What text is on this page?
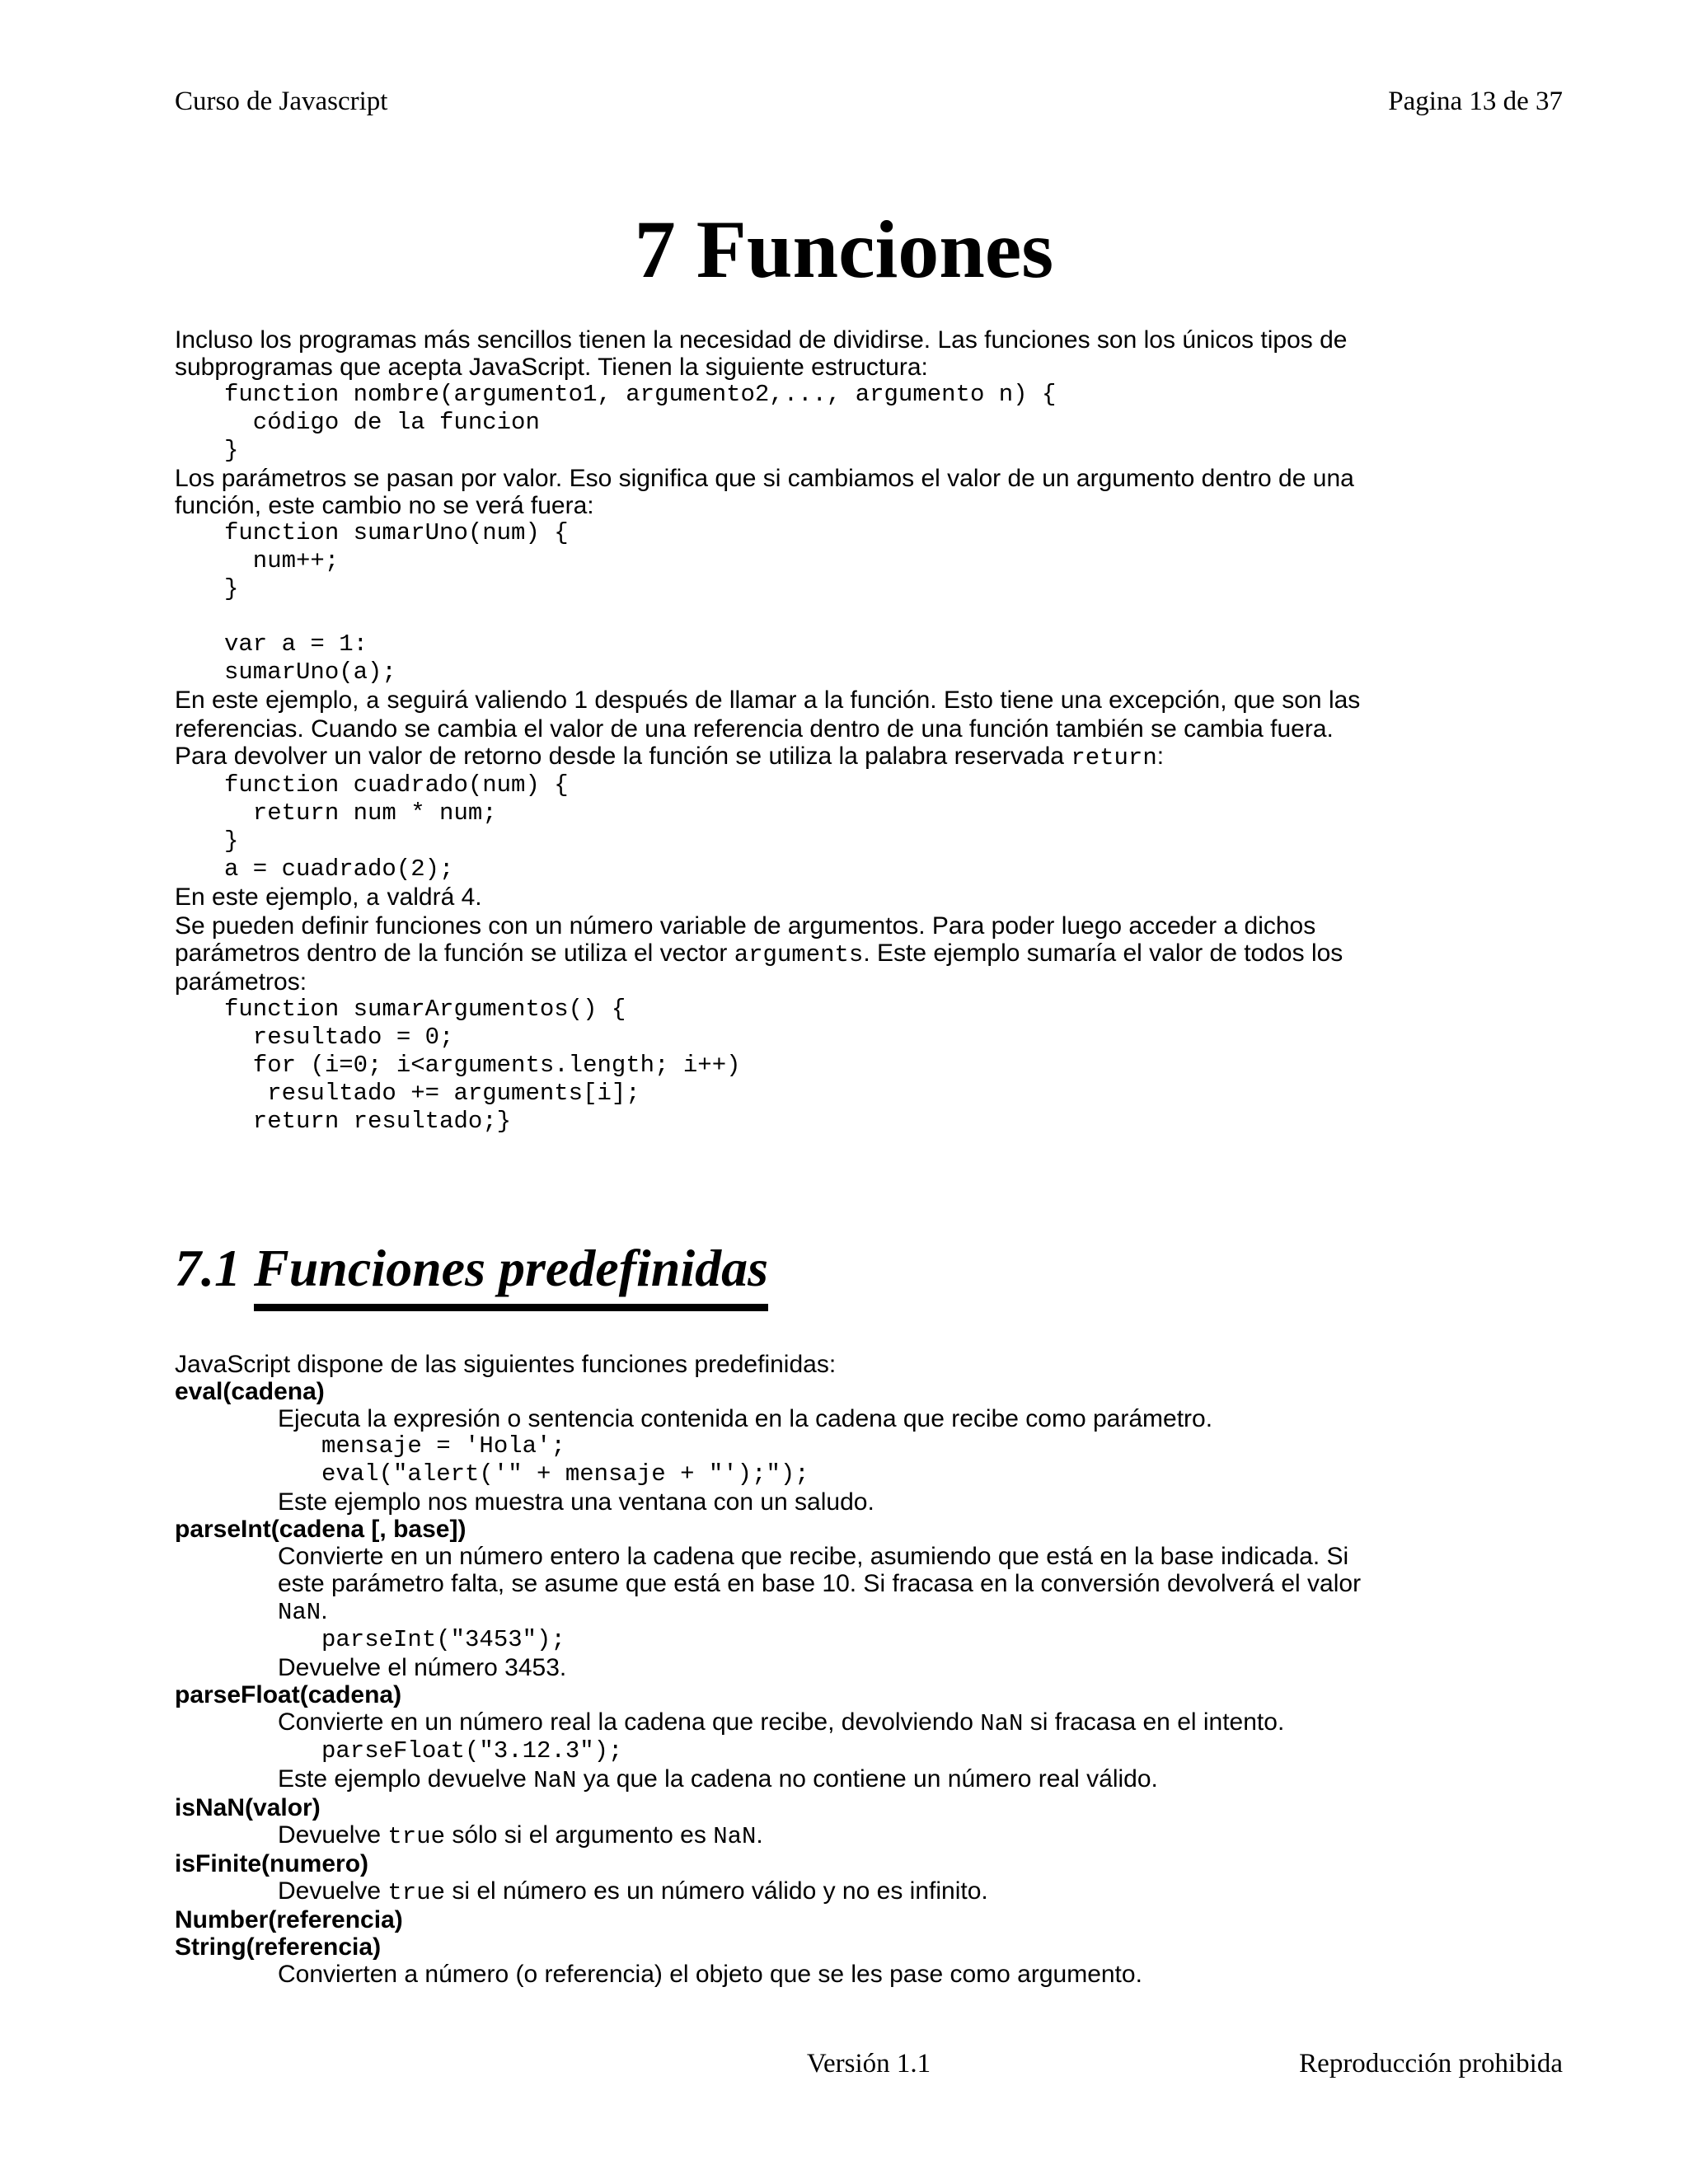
Curso de Javascript	Pagina 13 de 37
7 Funciones
Incluso los programas más sencillos tienen la necesidad de dividirse. Las funciones son los únicos tipos de
subprogramas que acepta JavaScript. Tienen la siguiente estructura:
function nombre(argumento1, argumento2,..., argumento n) {
código de la funcion
}
Los parámetros se pasan por valor. Eso significa que si cambiamos el valor de un argumento dentro de una
función, este cambio no se verá fuera:
function sumarUno(num) {
num++;
}

var a = 1:
sumarUno(a);
En este ejemplo, a seguirá valiendo 1 después de llamar a la función. Esto tiene una excepción, que son las
referencias. Cuando se cambia el valor de una referencia dentro de una función también se cambia fuera.
Para devolver un valor de retorno desde la función se utiliza la palabra reservada return:
function cuadrado(num) {
return num * num;
}
a = cuadrado(2);
En este ejemplo, a valdrá 4.
Se pueden definir funciones con un número variable de argumentos. Para poder luego acceder a dichos
parámetros dentro de la función se utiliza el vector arguments. Este ejemplo sumaría el valor de todos los
parámetros:
function sumarArgumentos() {
resultado = 0;
for (i=0; i<arguments.length; i++)
resultado += arguments[i];
return resultado;}
7.1 Funciones predefinidas
JavaScript dispone de las siguientes funciones predefinidas:
eval(cadena)
Ejecuta la expresión o sentencia contenida en la cadena que recibe como parámetro.
mensaje = 'Hola';
eval("alert('" + mensaje + "');");
Este ejemplo nos muestra una ventana con un saludo.
parseInt(cadena [, base])
Convierte en un número entero la cadena que recibe, asumiendo que está en la base indicada. Si
este parámetro falta, se asume que está en base 10. Si fracasa en la conversión devolverá el valor
NaN.
parseInt("3453");
Devuelve el número 3453.
parseFloat(cadena)
Convierte en un número real la cadena que recibe, devolviendo NaN si fracasa en el intento.
parseFloat("3.12.3");
Este ejemplo devuelve NaN ya que la cadena no contiene un número real válido.
isNaN(valor)
Devuelve true sólo si el argumento es NaN.
isFinite(numero)
Devuelve true si el número es un número válido y no es infinito.
Number(referencia)
String(referencia)
Convierten a número (o referencia) el objeto que se les pase como argumento.
Versión 1.1	Reproducción prohibida
